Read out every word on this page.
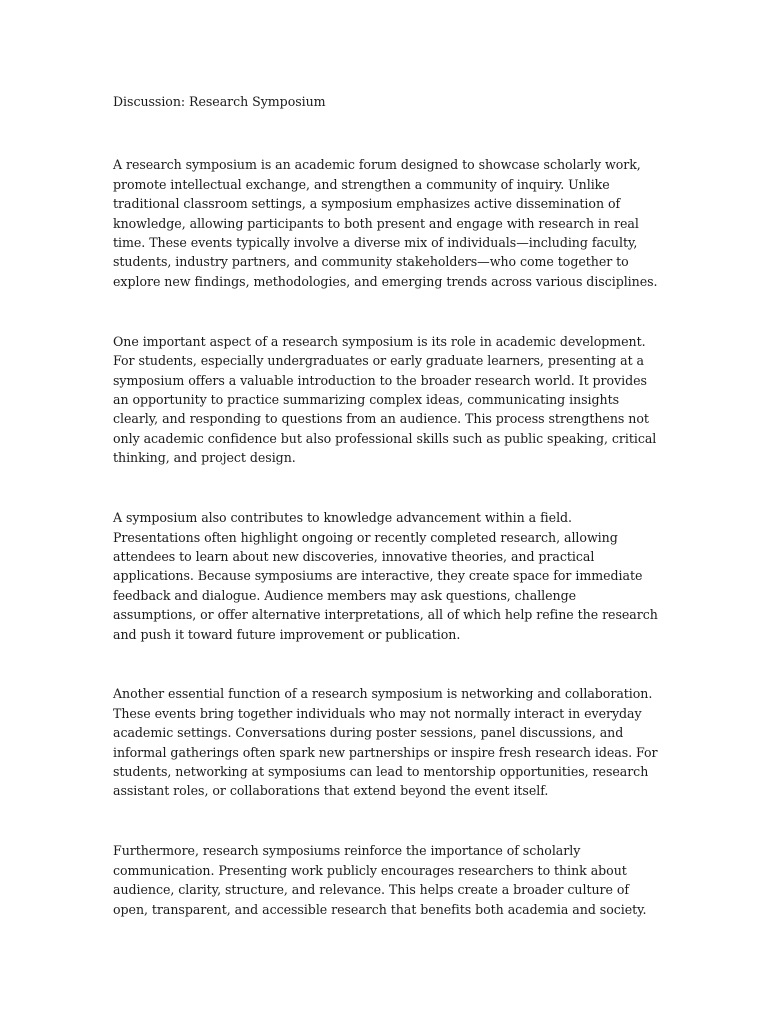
Discussion: Research Symposium

A research symposium is an academic forum designed to showcase scholarly work, promote intellectual exchange, and strengthen a community of inquiry. Unlike traditional classroom settings, a symposium emphasizes active dissemination of knowledge, allowing participants to both present and engage with research in real time. These events typically involve a diverse mix of individuals—including faculty, students, industry partners, and community stakeholders—who come together to explore new findings, methodologies, and emerging trends across various disciplines.

One important aspect of a research symposium is its role in academic development. For students, especially undergraduates or early graduate learners, presenting at a symposium offers a valuable introduction to the broader research world. It provides an opportunity to practice summarizing complex ideas, communicating insights clearly, and responding to questions from an audience. This process strengthens not only academic confidence but also professional skills such as public speaking, critical thinking, and project design.

A symposium also contributes to knowledge advancement within a field. Presentations often highlight ongoing or recently completed research, allowing attendees to learn about new discoveries, innovative theories, and practical applications. Because symposiums are interactive, they create space for immediate feedback and dialogue. Audience members may ask questions, challenge assumptions, or offer alternative interpretations, all of which help refine the research and push it toward future improvement or publication.

Another essential function of a research symposium is networking and collaboration. These events bring together individuals who may not normally interact in everyday academic settings. Conversations during poster sessions, panel discussions, and informal gatherings often spark new partnerships or inspire fresh research ideas. For students, networking at symposiums can lead to mentorship opportunities, research assistant roles, or collaborations that extend beyond the event itself.

Furthermore, research symposiums reinforce the importance of scholarly communication. Presenting work publicly encourages researchers to think about audience, clarity, structure, and relevance. This helps create a broader culture of open, transparent, and accessible research that benefits both academia and society.
